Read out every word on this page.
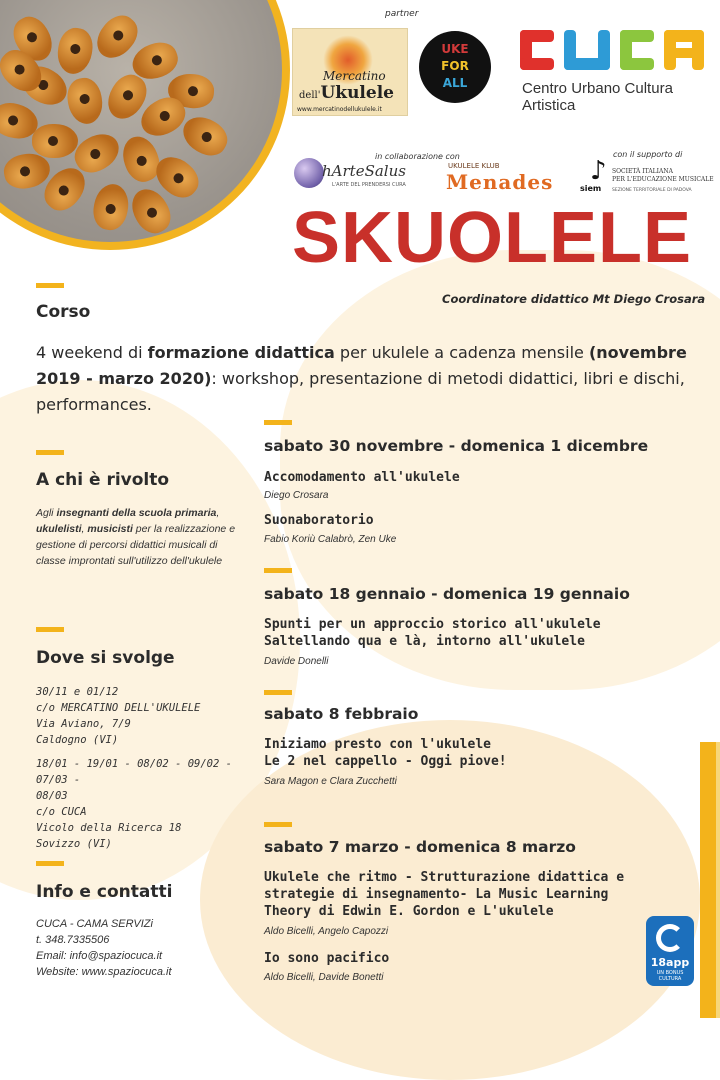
partner
Mercatino
dell'Ukulele
www.mercatinodellukulele.it
UKE
FOR
ALL	Centro Urbano Cultura Artistica
in collaborazione con	con il supporto di
hArteSalus
L'ARTE DEL PRENDERSI CURA
UKULELE KLUB
Menades ♪
siem
SOCIETÀ ITALIANA
PER L'EDUCAZIONE MUSICALE
SEZIONE TERRITORIALE DI PADOVA
SKUOLELE
Coordinatore didattico Mt Diego Crosara
Corso
4 weekend di formazione didattica per ukulele a cadenza mensile (novembre 2019 - marzo 2020): workshop, presentazione di metodi didattici, libri e dischi, performances.
A chi è rivolto
Agli insegnanti della scuola primaria, ukulelisti, musicisti per la realizzazione e gestione di percorsi didattici musicali di classe improntati sull'utilizzo dell'ukulele
Dove si svolge
30/11 e 01/12
c/o MERCATINO DELL'UKULELE
Via Aviano, 7/9
Caldogno (VI)
18/01 - 19/01 - 08/02 - 09/02 - 07/03 -
08/03
c/o CUCA
Vicolo della Ricerca 18
Sovizzo (VI)
Info e contatti
CUCA - CAMA SERVIZi
t. 348.7335506
Email: info@spaziocuca.it
Website: www.spaziocuca.it
sabato 30 novembre - domenica 1 dicembre
Accomodamento all'ukulele
Diego Crosara
Suonaboratorio
Fabio Koriù Calabrò, Zen Uke
sabato 18 gennaio - domenica 19 gennaio
Spunti per un approccio storico all'ukulele
Saltellando qua e là, intorno all'ukulele
Davide Donelli
sabato 8 febbraio
Iniziamo presto con l'ukulele
Le 2 nel cappello - Oggi piove!
Sara Magon e Clara Zucchetti
sabato 7 marzo - domenica 8 marzo
Ukulele che ritmo - Strutturazione didattica e
strategie di insegnamento- La Music Learning
Theory di Edwin E. Gordon e L'ukulele
Aldo Bicelli, Angelo Capozzi
Io sono pacifico
Aldo Bicelli, Davide Bonetti
18app
UN BONUS CULTURA
